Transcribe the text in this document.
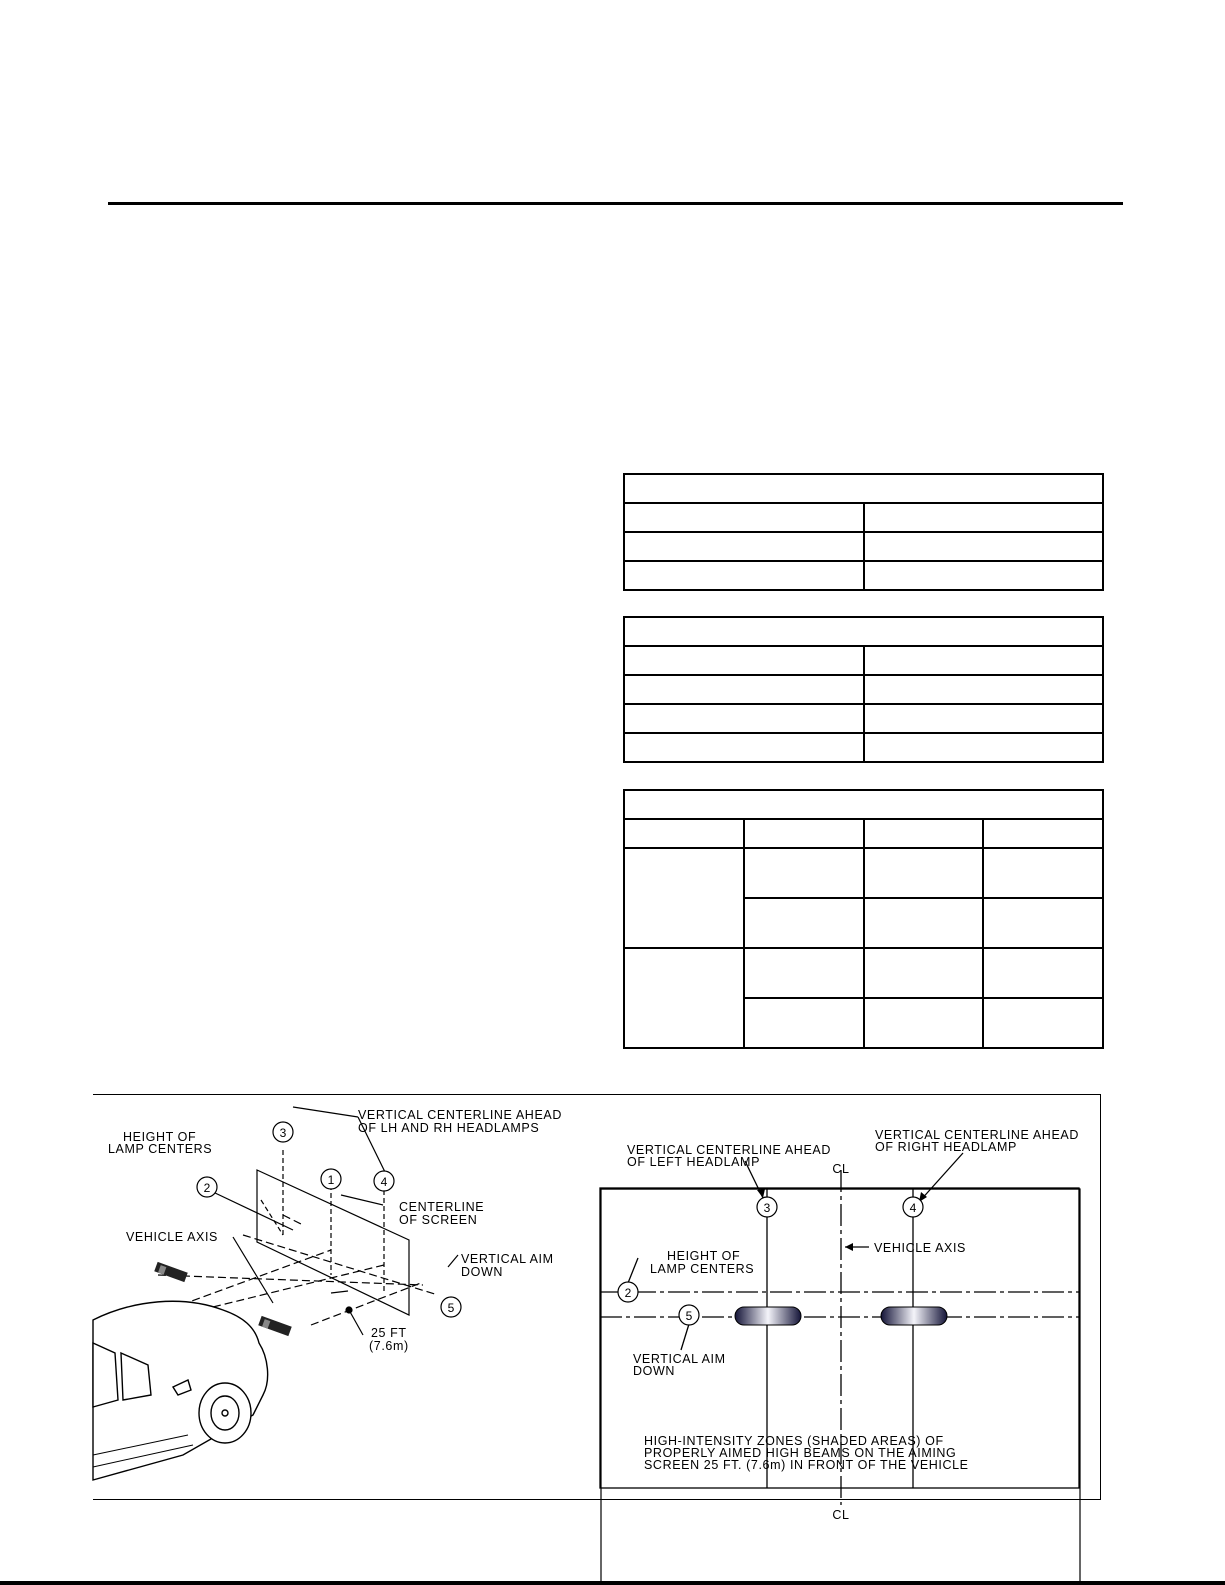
3
2
1	4
5
VERTICAL CENTERLINE AHEAD
OF LH AND RH HEADLAMPS
HEIGHT OF
LAMP CENTERS
CENTERLINE
OF SCREEN
VEHICLE AXIS
VERTICAL AIM
DOWN
25 FT
(7.6m)
3	4
2
5
VERTICAL CENTERLINE AHEAD
OF LEFT HEADLAMP
VERTICAL CENTERLINE AHEAD
OF RIGHT HEADLAMP
CL
CL
VEHICLE AXIS
HEIGHT OF
LAMP CENTERS
VERTICAL AIM
DOWN
HIGH-INTENSITY ZONES (SHADED AREAS) OF
PROPERLY AIMED HIGH BEAMS ON THE AIMING
SCREEN 25 FT. (7.6m) IN FRONT OF THE VEHICLE
